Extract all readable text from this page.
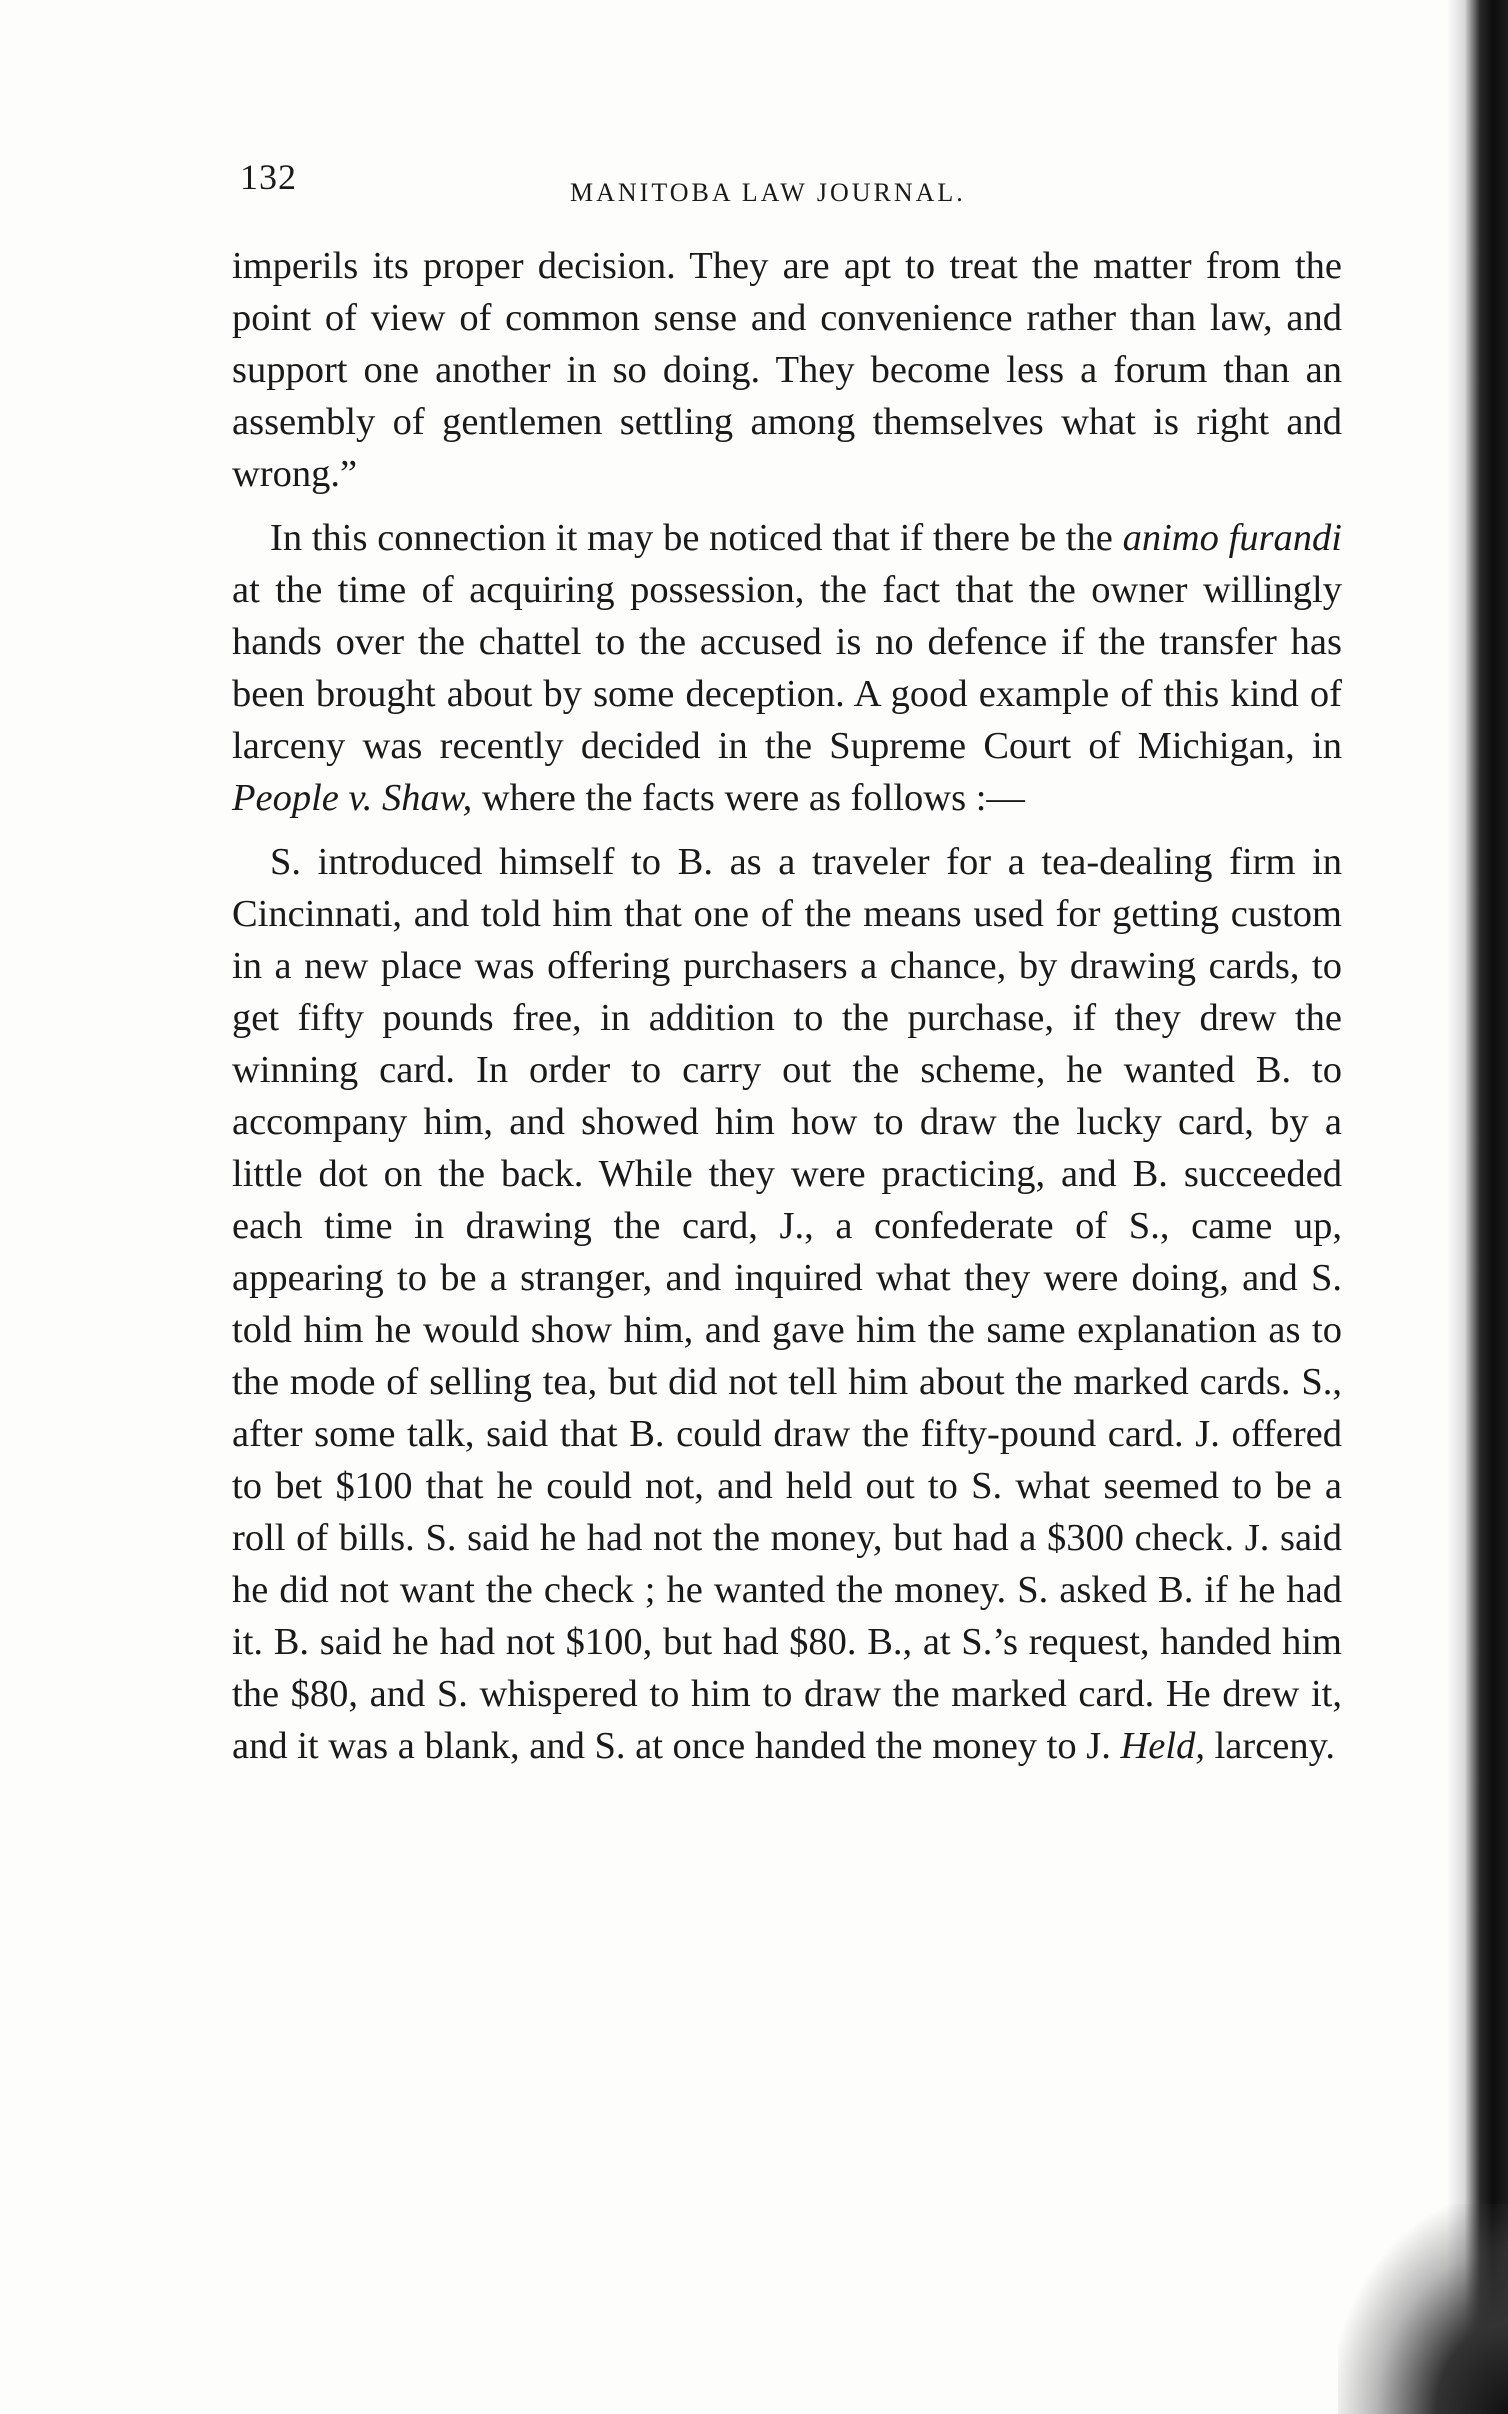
132	MANITOBA LAW JOURNAL.

imperils its proper decision. They are apt to treat the matter from the point of view of common sense and convenience rather than law, and support one another in so doing. They become less a forum than an assembly of gentlemen settling among themselves what is right and wrong.”

In this connection it may be noticed that if there be the animo furandi at the time of acquiring possession, the fact that the owner willingly hands over the chattel to the accused is no defence if the transfer has been brought about by some deception. A good example of this kind of larceny was recently decided in the Supreme Court of Michigan, in People v. Shaw, where the facts were as follows :—

S. introduced himself to B. as a traveler for a tea-dealing firm in Cincinnati, and told him that one of the means used for getting custom in a new place was offering purchasers a chance, by drawing cards, to get fifty pounds free, in addition to the purchase, if they drew the winning card. In order to carry out the scheme, he wanted B. to accompany him, and showed him how to draw the lucky card, by a little dot on the back. While they were practicing, and B. succeeded each time in drawing the card, J., a confederate of S., came up, appearing to be a stranger, and inquired what they were doing, and S. told him he would show him, and gave him the same explanation as to the mode of selling tea, but did not tell him about the marked cards. S., after some talk, said that B. could draw the fifty-pound card. J. offered to bet $100 that he could not, and held out to S. what seemed to be a roll of bills. S. said he had not the money, but had a $300 check. J. said he did not want the check ; he wanted the money. S. asked B. if he had it. B. said he had not $100, but had $80. B., at S.’s request, handed him the $80, and S. whispered to him to draw the marked card. He drew it, and it was a blank, and S. at once handed the money to J. Held, larceny.
